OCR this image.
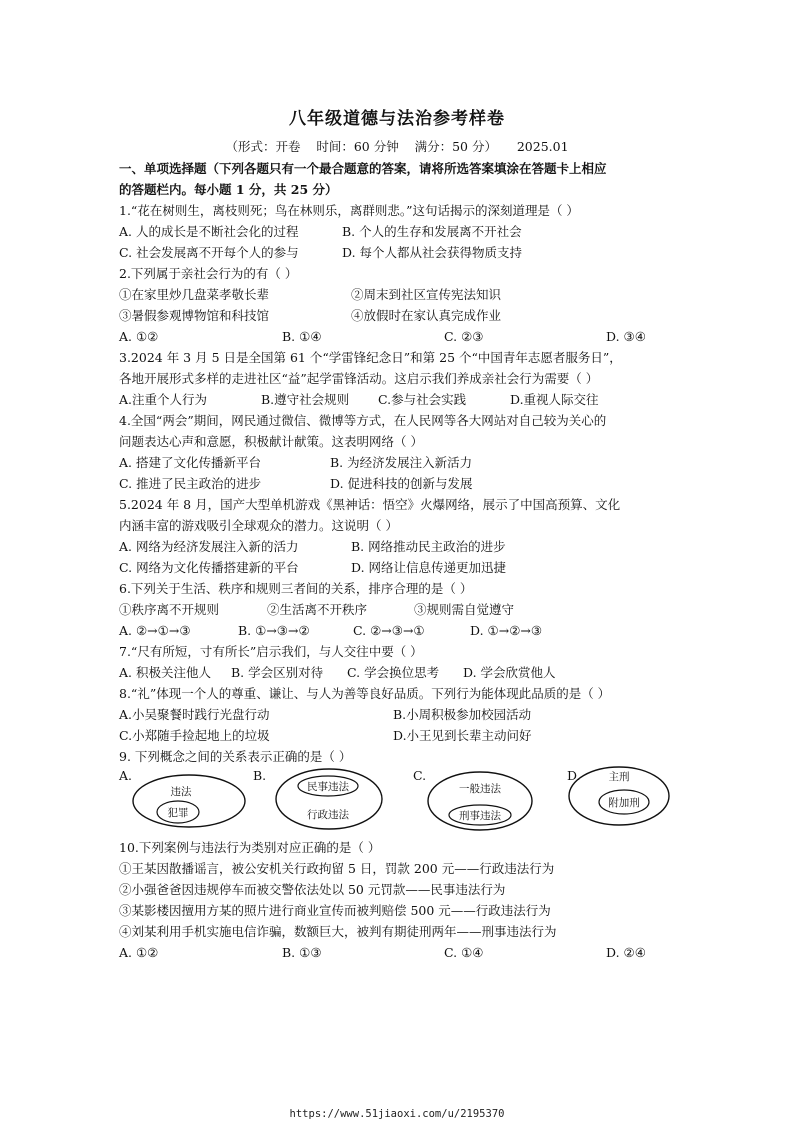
八年级道德与法治参考样卷
（形式：开卷    时间：60 分钟    满分：50 分）     2025.01
一、单项选择题（下列各题只有一个最合题意的答案，请将所选答案填涂在答题卡上相应
的答题栏内。每小题 1 分，共 25 分）
1.“花在树则生，离枝则死；鸟在林则乐，离群则悲。”这句话揭示的深刻道理是（ ）
A. 人的成长是不断社会化的过程	B. 个人的生存和发展离不开社会
C. 社会发展离不开每个人的参与	D. 每个人都从社会获得物质支持
2.下列属于亲社会行为的有（ ）
①在家里炒几盘菜孝敬长辈	②周末到社区宣传宪法知识
③暑假参观博物馆和科技馆	④放假时在家认真完成作业
A. ①②	B. ①④	C. ②③	D. ③④
3.2024 年 3 月 5 日是全国第 61 个“学雷锋纪念日”和第 25 个“中国青年志愿者服务日”，
各地开展形式多样的走进社区“益”起学雷锋活动。这启示我们养成亲社会行为需要（ ）
A.注重个人行为	B.遵守社会规则 C.参与社会实践	D.重视人际交往
4.全国“两会”期间，网民通过微信、微博等方式，在人民网等各大网站对自己较为关心的
问题表达心声和意愿，积极献计献策。这表明网络（ ）
A. 搭建了文化传播新平台	B. 为经济发展注入新活力
C. 推进了民主政治的进步	D. 促进科技的创新与发展
5.2024 年 8 月，国产大型单机游戏《黑神话：悟空》火爆网络，展示了中国高预算、文化
内涵丰富的游戏吸引全球观众的潜力。这说明（ ）
A. 网络为经济发展注入新的活力	B. 网络推动民主政治的进步
C. 网络为文化传播搭建新的平台	D. 网络让信息传递更加迅捷
6.下列关于生活、秩序和规则三者间的关系，排序合理的是（ ）
①秩序离不开规则	②生活离不开秩序	③规则需自觉遵守
A. ②→①→③	B. ①→③→②	C. ②→③→①	D. ①→②→③
7.“尺有所短，寸有所长”启示我们，与人交往中要（ ）
A. 积极关注他人 B. 学会区别对待 C. 学会换位思考 D. 学会欣赏他人
8.“礼”体现一个人的尊重、谦让、与人为善等良好品质。下列行为能体现此品质的是（ ）
A.小吴聚餐时践行光盘行动	B.小周积极参加校园活动
C.小郑随手捡起地上的垃圾	D.小王见到长辈主动问好
9. 下列概念之间的关系表示正确的是（ ）
A.	B.	C.	D.
违法
犯罪
民事违法
行政违法
一般违法
刑事违法
主刑
附加刑
10.下列案例与违法行为类别对应正确的是（ ）
①王某因散播谣言，被公安机关行政拘留 5 日，罚款 200 元——行政违法行为
②小强爸爸因违规停车而被交警依法处以 50 元罚款——民事违法行为
③某影楼因擅用方某的照片进行商业宣传而被判赔偿 500 元——行政违法行为
④刘某利用手机实施电信诈骗，数额巨大，被判有期徒刑两年——刑事违法行为
A. ①②	B. ①③	C. ①④	D. ②④
https://www.51jiaoxi.com/u/2195370
